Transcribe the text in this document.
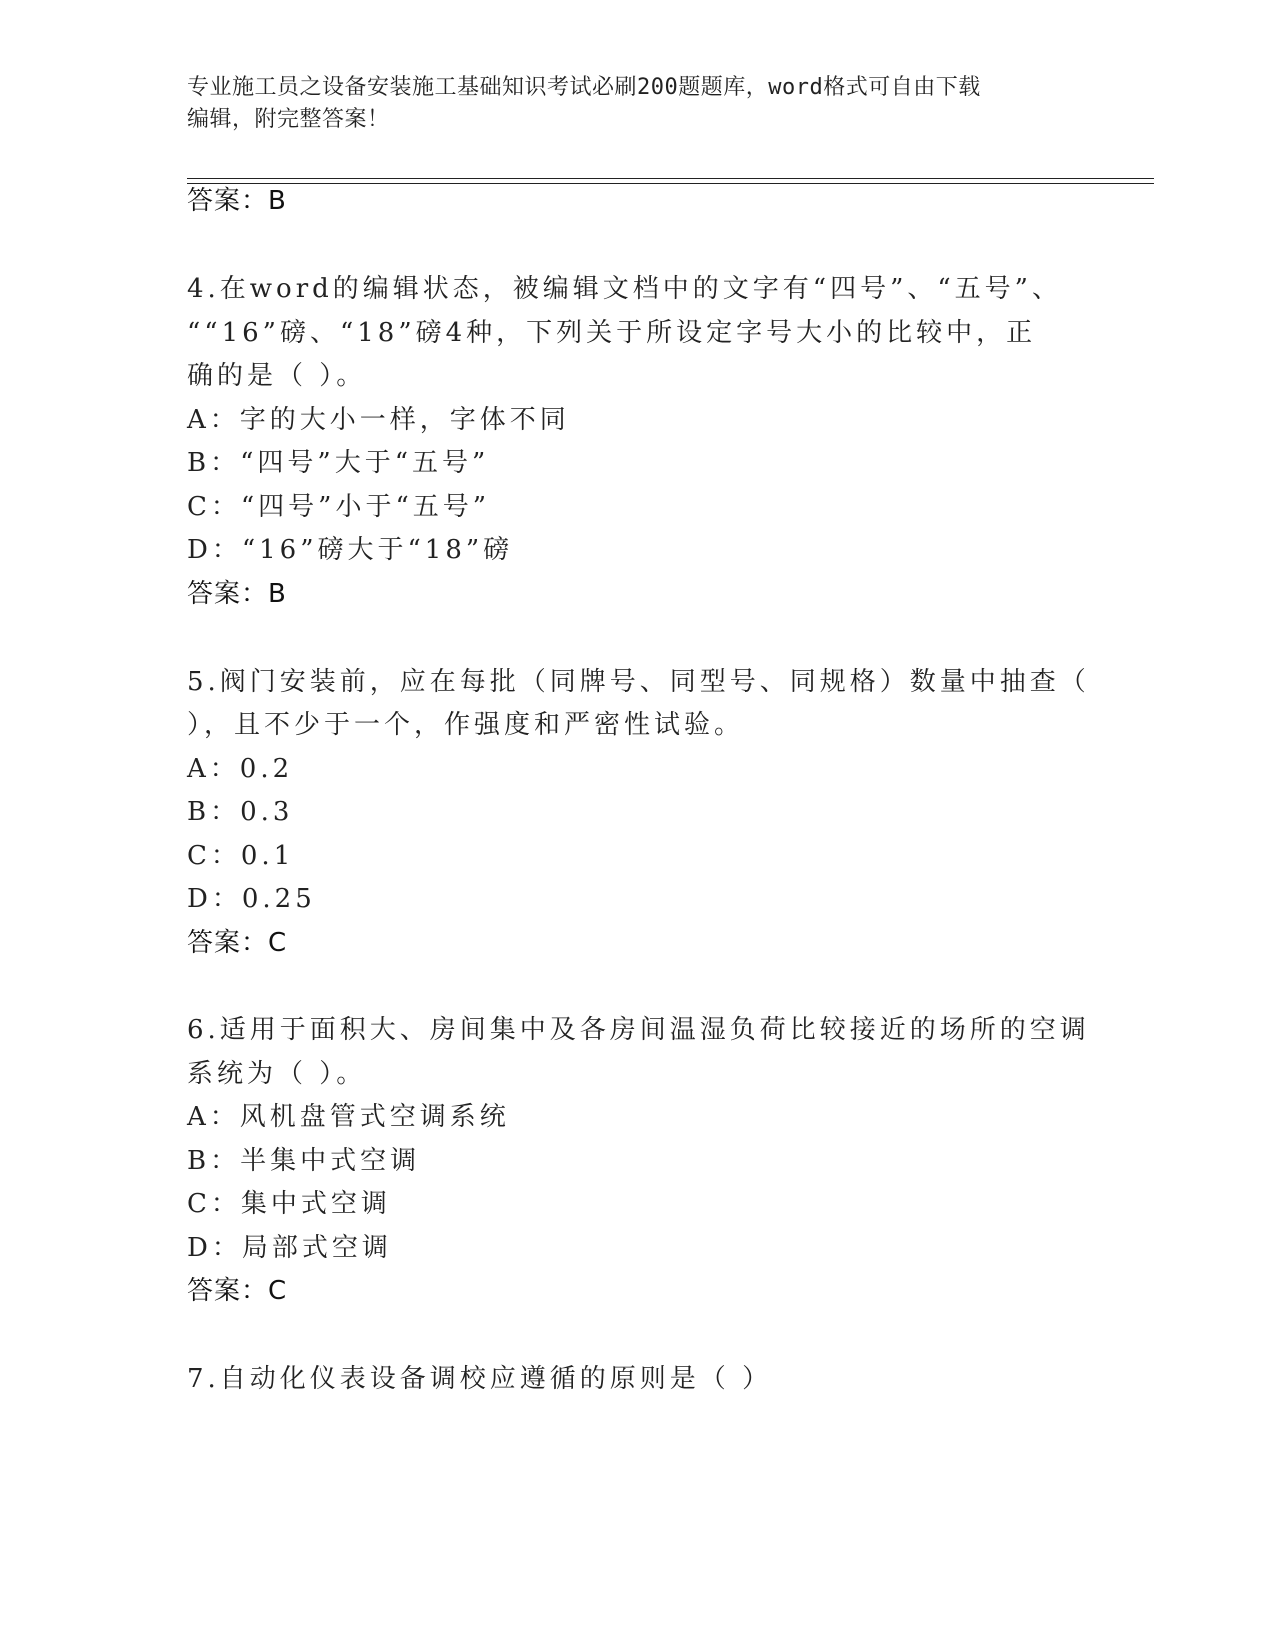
专业施工员之设备安装施工基础知识考试必刷200题题库，word格式可自由下载
编辑，附完整答案！
答案：B
4.在word的编辑状态，被编辑文档中的文字有“四号”、“五号”、
““16”磅、“18”磅4种，下列关于所设定字号大小的比较中，正
确的是（ ）。
A：字的大小一样，字体不同
B：“四号”大于“五号”
C：“四号”小于“五号”
D：“16”磅大于“18”磅
答案：B
5.阀门安装前，应在每批（同牌号、同型号、同规格）数量中抽查（
），且不少于一个，作强度和严密性试验。
A：0.2
B：0.3
C：0.1
D：0.25
答案：C
6.适用于面积大、房间集中及各房间温湿负荷比较接近的场所的空调
系统为（ ）。
A：风机盘管式空调系统
B：半集中式空调
C：集中式空调
D：局部式空调
答案：C
7.自动化仪表设备调校应遵循的原则是（ ）
